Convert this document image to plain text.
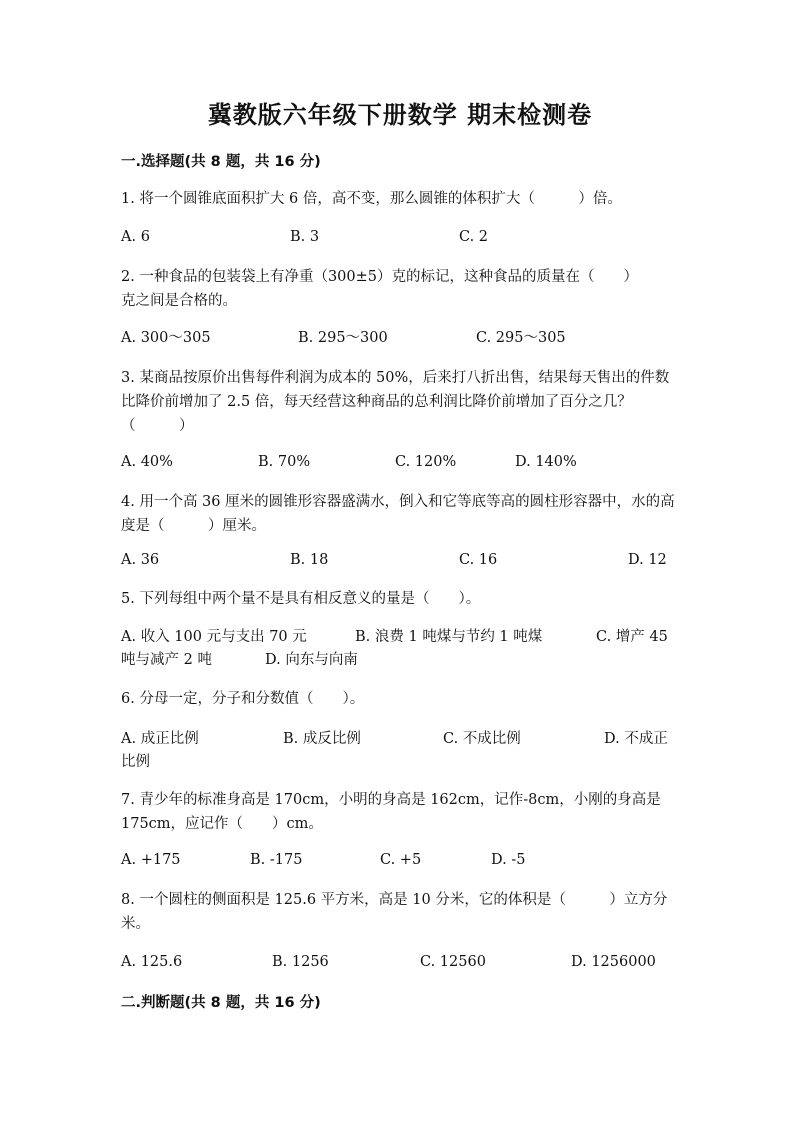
冀教版六年级下册数学 期末检测卷
一.选择题(共 8 题，共 16 分)
1. 将一个圆锥底面积扩大 6 倍，高不变，那么圆锥的体积扩大（　　　）倍。
A. 6	B. 3	C. 2
2. 一种食品的包装袋上有净重（300±5）克的标记，这种食品的质量在（　　）克之间是合格的。
A. 300～305	B. 295～300	C. 295～305
3. 某商品按原价出售每件利润为成本的 50%，后来打八折出售，结果每天售出的件数比降价前增加了 2.5 倍，每天经营这种商品的总利润比降价前增加了百分之几？（　　　）
A. 40%	B. 70%	C. 120%	D. 140%
4. 用一个高 36 厘米的圆锥形容器盛满水，倒入和它等底等高的圆柱形容器中，水的高度是（　　　）厘米。
A. 36	B. 18	C. 16	D. 12
5. 下列每组中两个量不是具有相反意义的量是（　　）。
A. 收入 100 元与支出 70 元	B. 浪费 1 吨煤与节约 1 吨煤	C. 增产 45
吨与减产 2 吨	D. 向东与向南
6. 分母一定，分子和分数值（　　）。
A. 成正比例	B. 成反比例	C. 不成比例	D. 不成正
比例
7. 青少年的标准身高是 170cm，小明的身高是 162cm，记作-8cm，小刚的身高是 175cm，应记作（　　）cm。
A. +175	B. -175	C. +5	D. -5
8. 一个圆柱的侧面积是 125.6 平方米，高是 10 分米，它的体积是（　　　）立方分米。
A. 125.6	B. 1256	C. 12560	D. 1256000
二.判断题(共 8 题，共 16 分)
